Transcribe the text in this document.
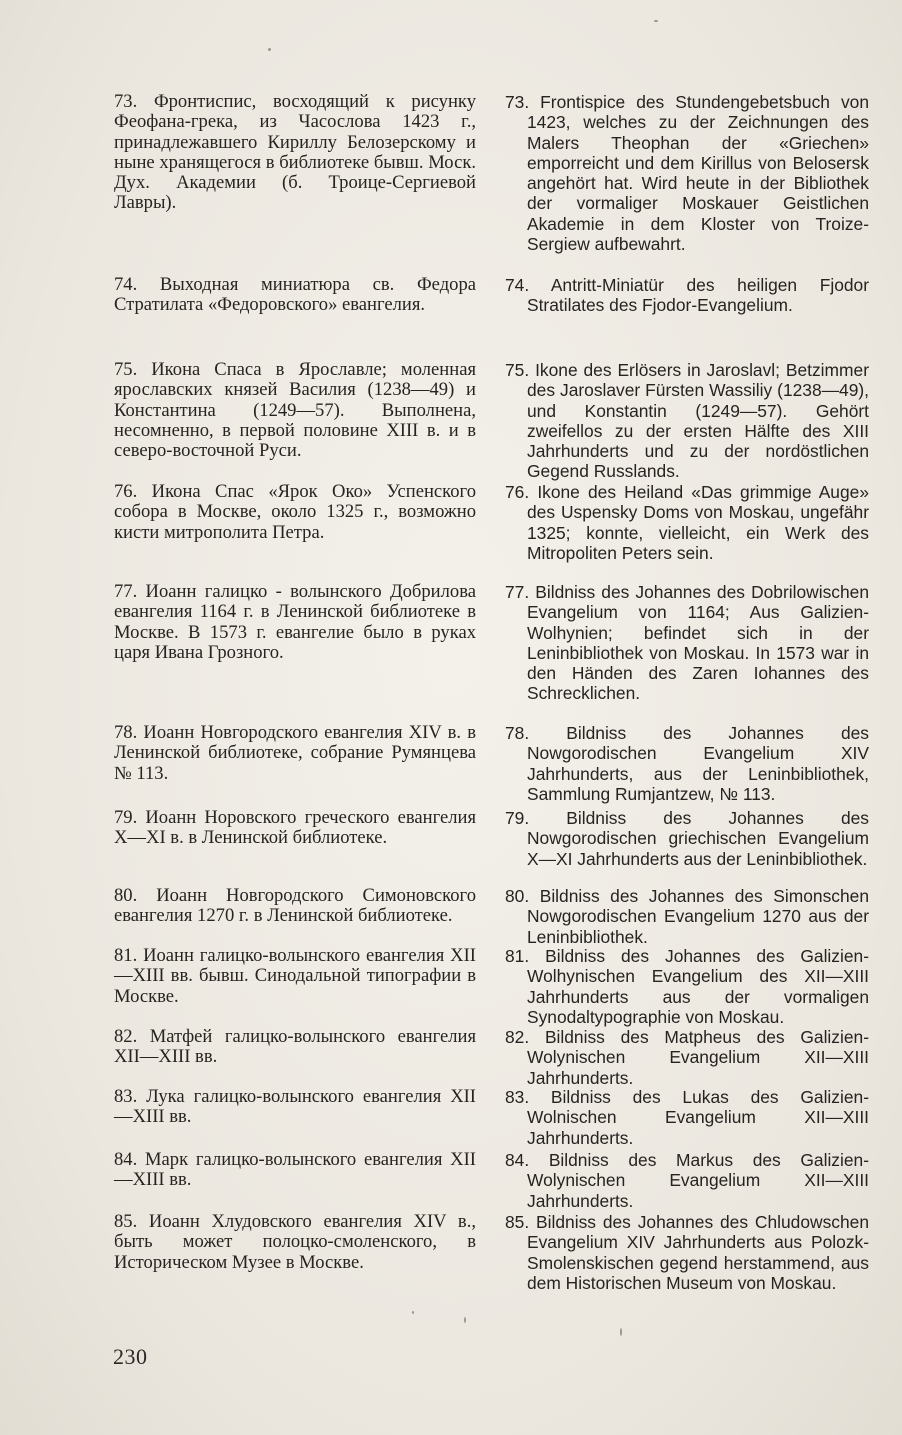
73. Фронтиспис, восходящий к рисунку Феофана-грека, из Часослова 1423 г., принадлежавшего Кириллу Белозерскому и ныне хранящегося в библиотеке бывш. Моск. Дух. Академии (б. Троице-Сергиевой Лавры).
74. Выходная миниатюра св. Федора Стратилата «Федоровского» евангелия.
75. Икона Спаса в Ярославле; моленная ярославских князей Василия (1238—49) и Константина (1249—57). Выполнена, несомненно, в первой половине XIII в. и в северо-восточной Руси.
76. Икона Спас «Ярок Око» Успенского собора в Москве, около 1325 г., возможно кисти митрополита Петра.
77. Иоанн галицко - волынского Добрилова евангелия 1164 г. в Ленинской библиотеке в Москве. В 1573 г. евангелие было в руках царя Ивана Грозного.
78. Иоанн Новгородского евангелия XIV в. в Ленинской библиотеке, собрание Румянцева № 113.
79. Иоанн Норовского греческого евангелия X—XI в. в Ленинской библиотеке.
80. Иоанн Новгородского Симоновского евангелия 1270 г. в Ленинской библиотеке.
81. Иоанн галицко-волынского евангелия XII—XIII вв. бывш. Синодальной типографии в Москве.
82. Матфей галицко-волынского евангелия XII—XIII вв.
83. Лука галицко-волынского евангелия XII—XIII вв.
84. Марк галицко-волынского евангелия XII—XIII вв.
85. Иоанн Хлудовского евангелия XIV в., быть может полоцко-смоленского, в Историческом Музее в Москве.
73. Frontispice des Stundengebetsbuch von 1423, welches zu der Zeichnungen des Malers Theophan der «Griechen» emporreicht und dem Kirillus von Belosersk angehört hat. Wird heute in der Bibliothek der vormaliger Moskauer Geistlichen Akademie in dem Kloster von Troize-Sergiew aufbewahrt.
74. Antritt-Miniatür des heiligen Fjodor Stratilates des Fjodor-Evangelium.
75. Ikone des Erlösers in Jaroslavl; Betzimmer des Jaroslaver Fürsten Wassiliy (1238—49), und Konstantin (1249—57). Gehört zweifellos zu der ersten Hälfte des XIII Jahrhunderts und zu der nordöstlichen Gegend Russlands.
76. Ikone des Heiland «Das grimmige Auge» des Uspensky Doms von Moskau, ungefähr 1325; konnte, vielleicht, ein Werk des Mitropoliten Peters sein.
77. Bildniss des Johannes des Dobrilowischen Evangelium von 1164; Aus Galizien-Wolhynien; befindet sich in der Leninbibliothek von Moskau. In 1573 war in den Händen des Zaren Iohannes des Schrecklichen.
78. Bildniss des Johannes des Nowgorodischen Evangelium XIV Jahrhunderts, aus der Leninbibliothek, Sammlung Rumjantzew, № 113.
79. Bildniss des Johannes des Nowgorodischen griechischen Evangelium X—XI Jahrhunderts aus der Leninbibliothek.
80. Bildniss des Johannes des Simonschen Nowgorodischen Evangelium 1270 aus der Leninbibliothek.
81. Bildniss des Johannes des Galizien-Wolhynischen Evangelium des XII—XIII Jahrhunderts aus der vormaligen Synodaltypographie von Moskau.
82. Bildniss des Matpheus des Galizien-Wolynischen Evangelium XII—XIII Jahrhunderts.
83. Bildniss des Lukas des Galizien-Wolnischen Evangelium XII—XIII Jahrhunderts.
84. Bildniss des Markus des Galizien-Wolynischen Evangelium XII—XIII Jahrhunderts.
85. Bildniss des Johannes des Chludowschen Evangelium XIV Jahrhunderts aus Polozk-Smolenskischen gegend herstammend, aus dem Historischen Museum von Moskau.
230
